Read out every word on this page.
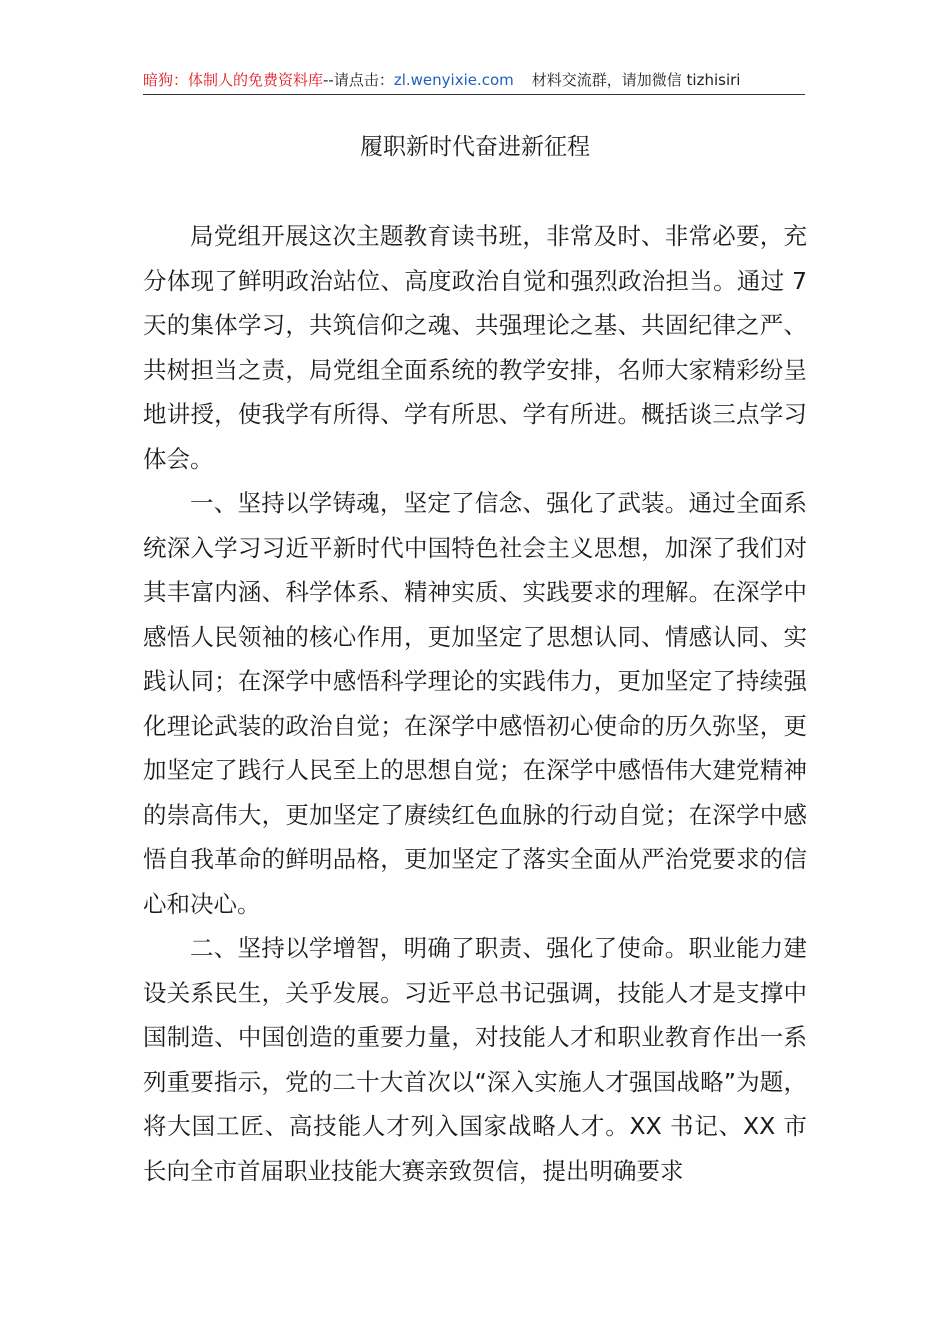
暗狗：体制人的免费资料库--请点击：zl.wenyixie.com 材料交流群，请加微信 tizhisiri
履职新时代奋进新征程

局党组开展这次主题教育读书班，非常及时、非常必要，充分体现了鲜明政治站位、高度政治自觉和强烈政治担当。通过 7 天的集体学习，共筑信仰之魂、共强理论之基、共固纪律之严、共树担当之责，局党组全面系统的教学安排，名师大家精彩纷呈地讲授，使我学有所得、学有所思、学有所进。概括谈三点学习体会。

一、坚持以学铸魂，坚定了信念、强化了武装。通过全面系统深入学习习近平新时代中国特色社会主义思想，加深了我们对其丰富内涵、科学体系、精神实质、实践要求的理解。在深学中感悟人民领袖的核心作用，更加坚定了思想认同、情感认同、实践认同；在深学中感悟科学理论的实践伟力，更加坚定了持续强化理论武装的政治自觉；在深学中感悟初心使命的历久弥坚，更加坚定了践行人民至上的思想自觉；在深学中感悟伟大建党精神的崇高伟大，更加坚定了赓续红色血脉的行动自觉；在深学中感悟自我革命的鲜明品格，更加坚定了落实全面从严治党要求的信心和决心。

二、坚持以学增智，明确了职责、强化了使命。职业能力建设关系民生，关乎发展。习近平总书记强调，技能人才是支撑中国制造、中国创造的重要力量，对技能人才和职业教育作出一系列重要指示，党的二十大首次以“深入实施人才强国战略”为题，将大国工匠、高技能人才列入国家战略人才。XX 书记、XX 市长向全市首届职业技能大赛亲致贺信，提出明确要求
